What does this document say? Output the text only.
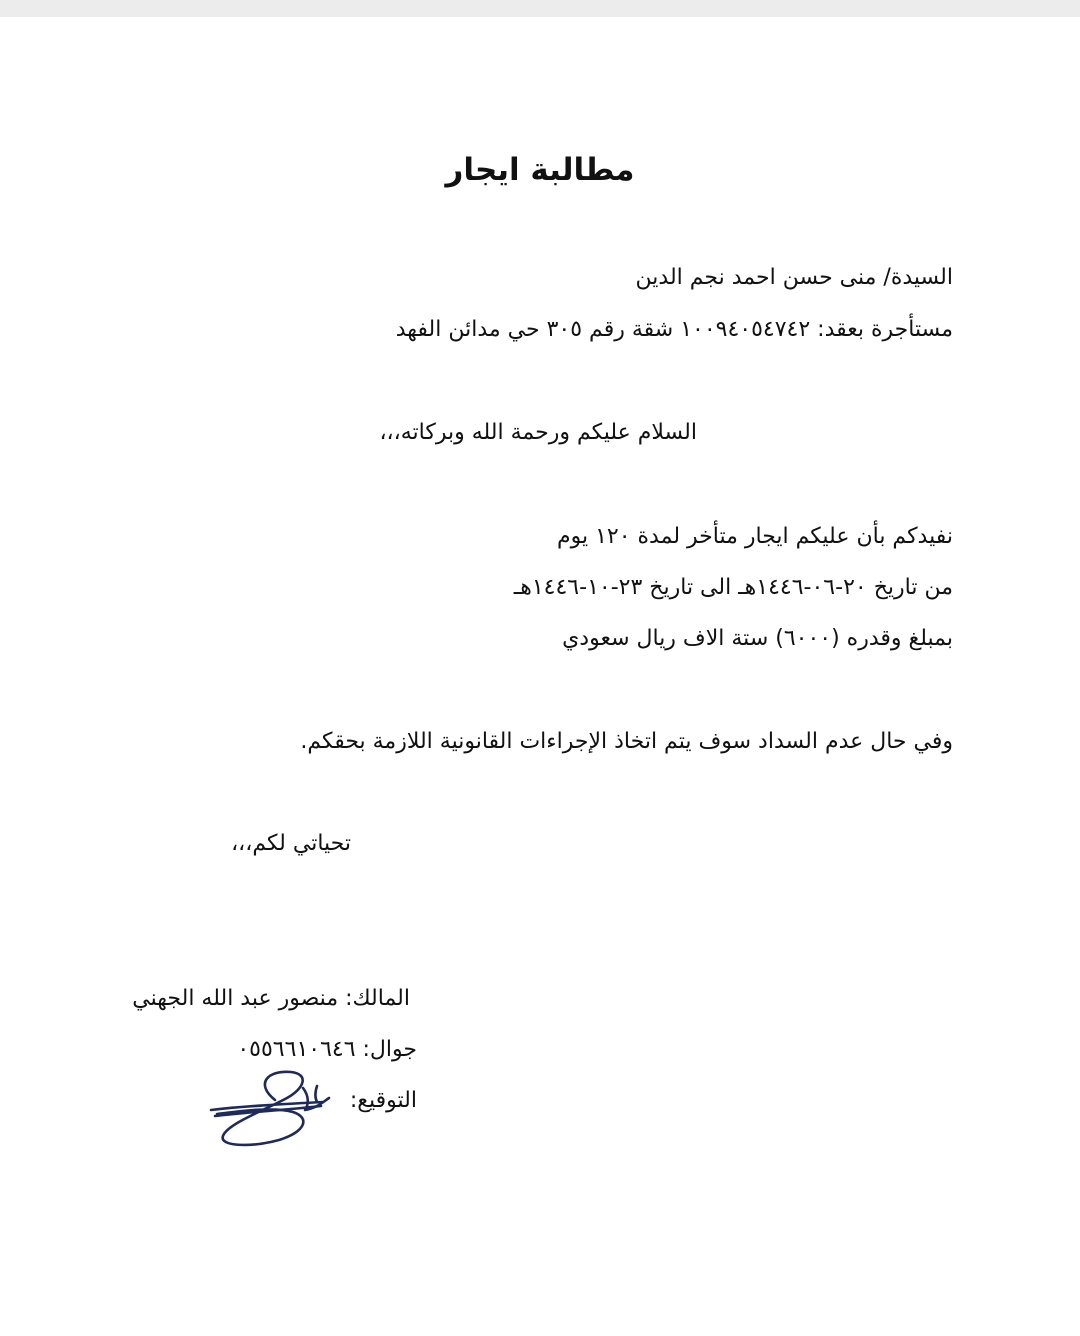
مطالبة ايجار
السيدة/ منى حسن احمد نجم الدين
مستأجرة بعقد: ١٠٠٩٤٠٥٤٧٤٢ شقة رقم ٣٠٥ حي مدائن الفهد
السلام عليكم ورحمة الله وبركاته،،،
نفيدكم بأن عليكم ايجار متأخر لمدة ١٢٠ يوم
من تاريخ ٢٠-٠٦-١٤٤٦هـ الى تاريخ ٢٣-١٠-١٤٤٦هـ
بمبلغ وقدره (٦٠٠٠) ستة الاف ريال سعودي
وفي حال عدم السداد سوف يتم اتخاذ الإجراءات القانونية اللازمة بحقكم.
تحياتي لكم،،،
المالك: منصور عبد الله الجهني
جوال: ٠٥٥٦٦١٠٦٤٦
التوقيع:
